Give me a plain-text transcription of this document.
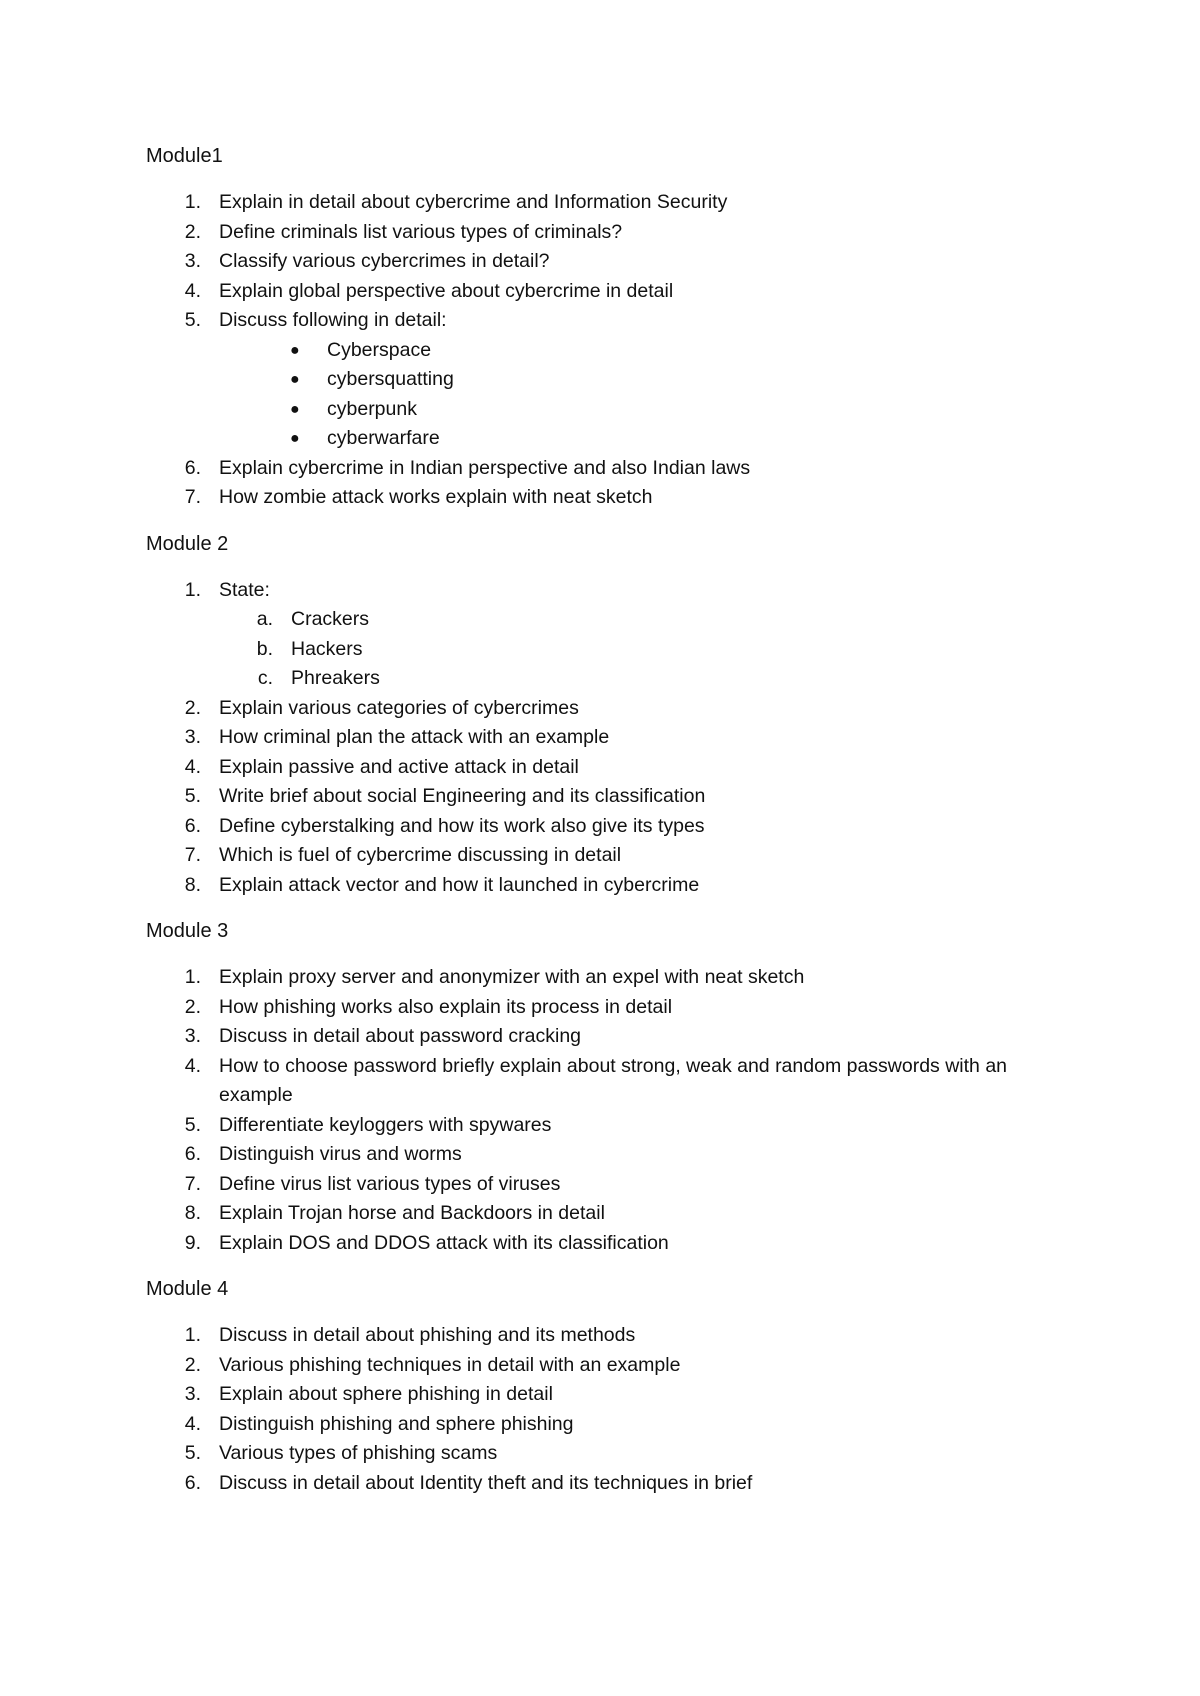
Module1
1. Explain in detail about cybercrime and Information Security
2. Define criminals list various types of criminals?
3. Classify various cybercrimes in detail?
4. Explain global perspective about cybercrime in detail
5. Discuss following in detail:
● Cyberspace
● cybersquatting
● cyberpunk
● cyberwarfare
6. Explain cybercrime in Indian perspective and also Indian laws
7. How zombie attack works explain with neat sketch
Module 2
1. State:
a. Crackers
b. Hackers
c. Phreakers
2. Explain various categories of cybercrimes
3. How criminal plan the attack with an example
4. Explain passive and active attack in detail
5. Write brief about social Engineering and its classification
6. Define cyberstalking and how its work also give its types
7. Which is fuel of cybercrime discussing in detail
8. Explain attack vector and how it launched in cybercrime
Module 3
1. Explain proxy server and anonymizer with an expel with neat sketch
2. How phishing works also explain its process in detail
3. Discuss in detail about password cracking
4. How to choose password briefly explain about strong, weak and random passwords with an example
5. Differentiate keyloggers with spywares
6. Distinguish virus and worms
7. Define virus list various types of viruses
8. Explain Trojan horse and Backdoors in detail
9. Explain DOS and DDOS attack with its classification
Module 4
1. Discuss in detail about phishing and its methods
2. Various phishing techniques in detail with an example
3. Explain about sphere phishing in detail
4. Distinguish phishing and sphere phishing
5. Various types of phishing scams
6. Discuss in detail about Identity theft and its techniques in brief
